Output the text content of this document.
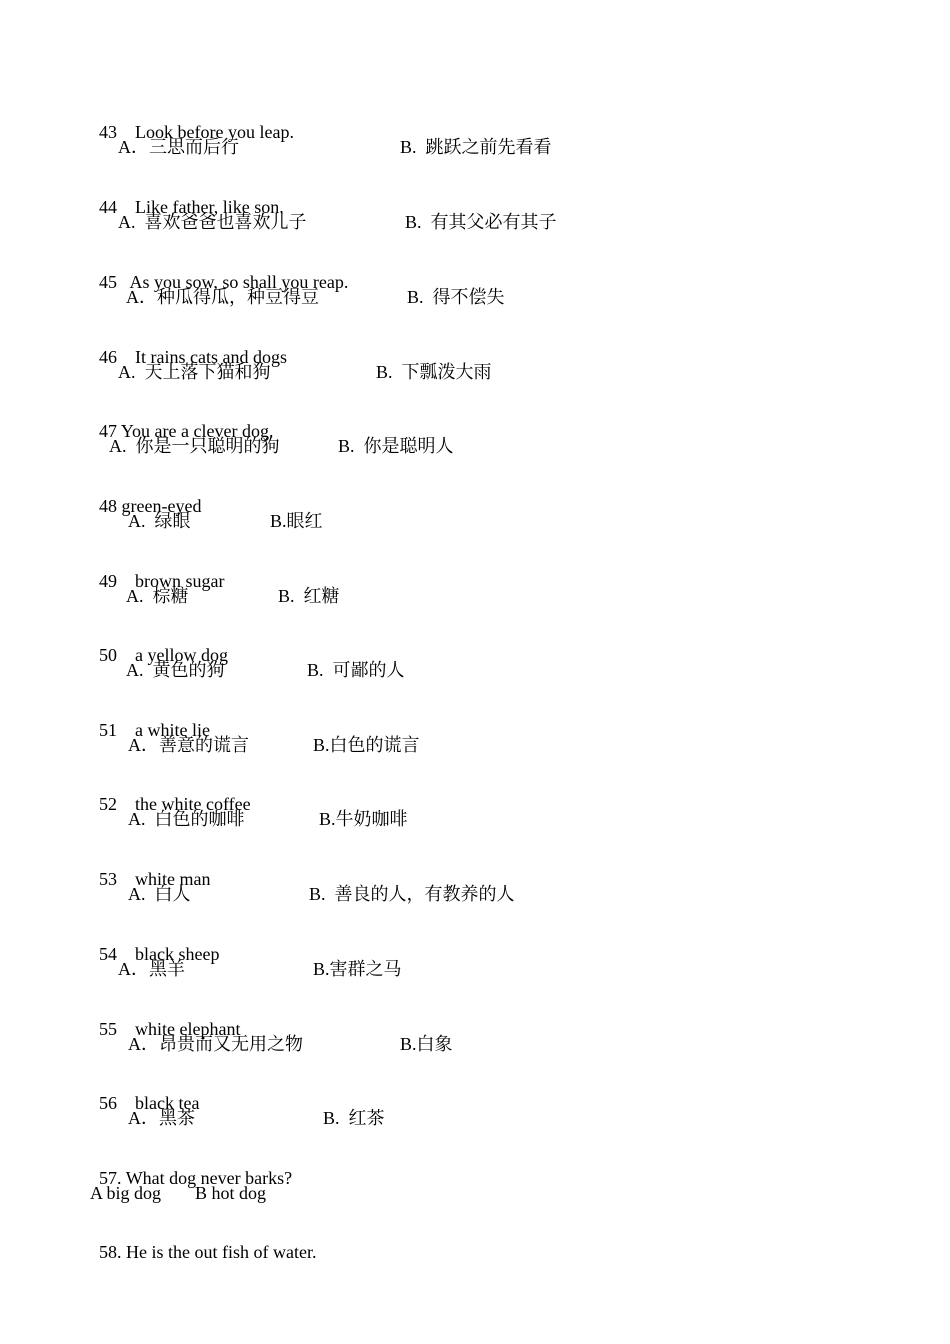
43 Look before you leap.

A．三思而后行	B.  跳跃之前先看看

44 Like father, like son.

A.  喜欢爸爸也喜欢儿子	B.  有其父必有其子

45 As you sow, so shall you reap.

A．种瓜得瓜，种豆得豆	B.  得不偿失

46 It rains cats and dogs

A.  天上落下猫和狗	B.  下瓢泼大雨

47 You are a clever dog.

A.  你是一只聪明的狗	B.  你是聪明人

48 green-eyed

A.  绿眼	B.眼红

49 brown sugar

A.  棕糖	B.  红糖

50 a yellow dog

A.  黄色的狗	B.  可鄙的人

51 a white lie

A．善意的谎言	B.白色的谎言

52 the white coffee

A.  白色的咖啡	B.牛奶咖啡

53 white man

A.  白人	B.  善良的人，有教养的人

54 black sheep

A．黑羊	B.害群之马

55 white elephant

A．昂贵而又无用之物	B.白象

56 black tea

A．黑茶	B.  红茶

57. What dog never barks?

A big dog B hot dog

58. He is the out fish of water.
